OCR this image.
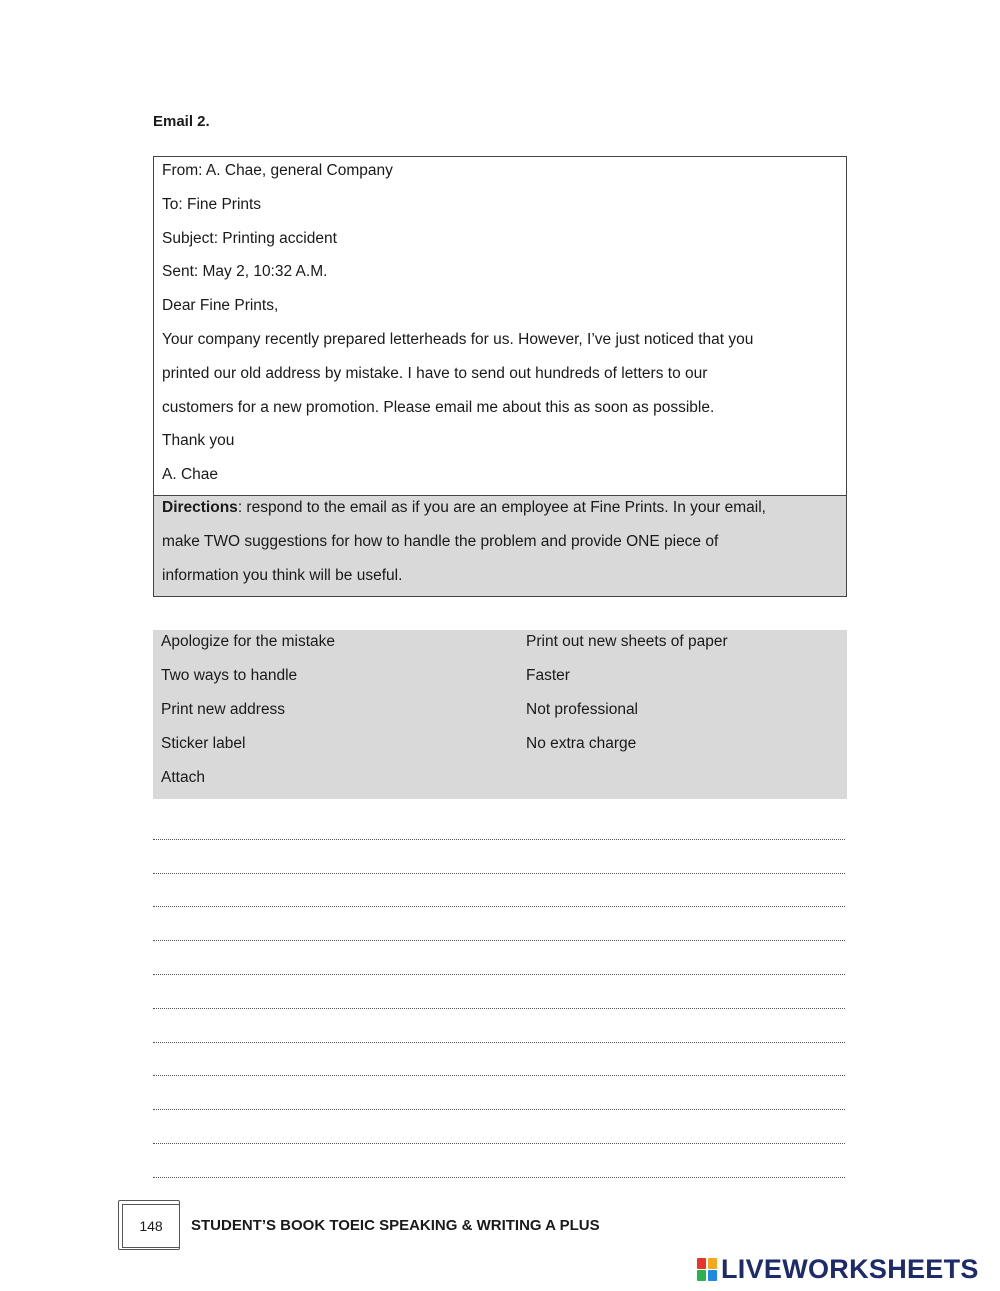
Email 2.
From: A. Chae, general Company
To: Fine Prints
Subject: Printing accident
Sent: May 2, 10:32 A.M.
Dear Fine Prints,
Your company recently prepared letterheads for us. However, I’ve just noticed that you
printed our old address by mistake. I have to send out hundreds of letters to our
customers for a new promotion. Please email me about this as soon as possible.
Thank you
A. Chae
Directions: respond to the email as if you are an employee at Fine Prints. In your email,
make TWO suggestions for how to handle the problem and provide ONE piece of
information you think will be useful.
Apologize for the mistake
Two ways to handle
Print new address
Sticker label
Attach
Print out new sheets of paper
Faster
Not professional
No extra charge
148	STUDENT’S BOOK TOEIC SPEAKING & WRITING A PLUS
LIVEWORKSHEETS
